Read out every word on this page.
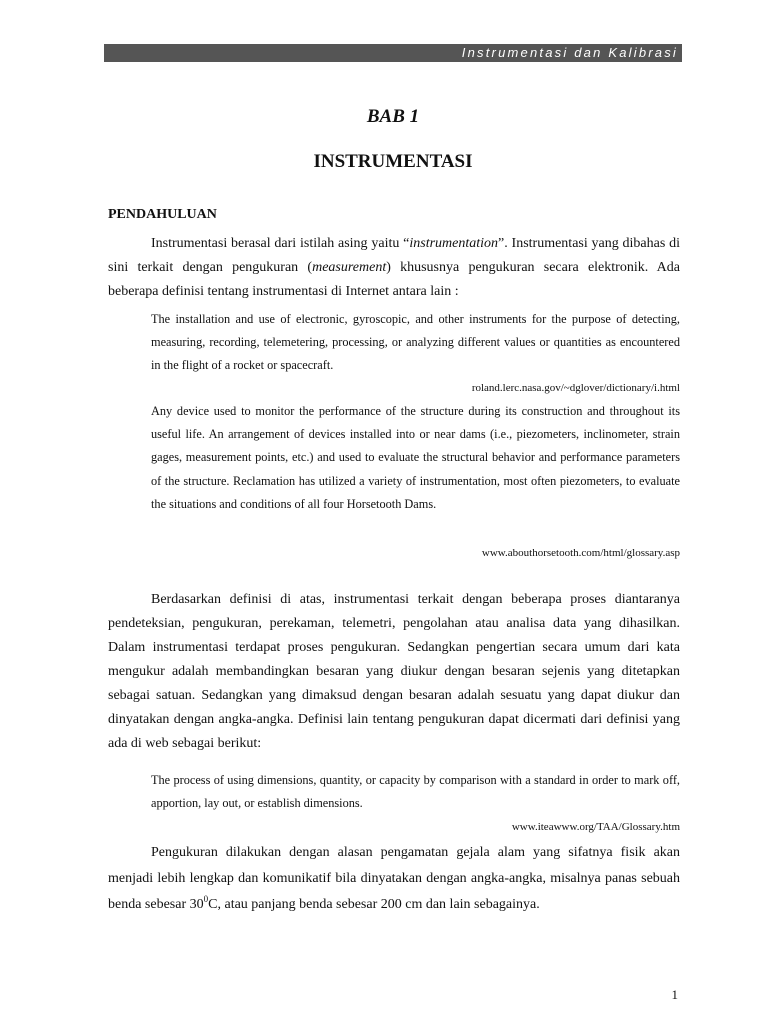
Instrumentasi dan Kalibrasi
BAB 1
INSTRUMENTASI
PENDAHULUAN

Instrumentasi berasal dari istilah asing yaitu “instrumentation”. Instrumentasi yang dibahas di sini terkait dengan pengukuran (measurement) khususnya pengukuran secara elektronik. Ada beberapa definisi tentang instrumentasi di Internet antara lain :

The installation and use of electronic, gyroscopic, and other instruments for the purpose of detecting, measuring, recording, telemetering, processing, or analyzing different values or quantities as encountered in the flight of a rocket or spacecraft.

roland.lerc.nasa.gov/~dglover/dictionary/i.html

Any device used to monitor the performance of the structure during its construction and throughout its useful life. An arrangement of devices installed into or near dams (i.e., piezometers, inclinometer, strain gages, measurement points, etc.) and used to evaluate the structural behavior and performance parameters of the structure. Reclamation has utilized a variety of instrumentation, most often piezometers, to evaluate the situations and conditions of all four Horsetooth Dams.

www.abouthorsetooth.com/html/glossary.asp

Berdasarkan definisi di atas, instrumentasi terkait dengan beberapa proses diantaranya pendeteksian, pengukuran, perekaman, telemetri, pengolahan atau analisa data yang dihasilkan. Dalam instrumentasi terdapat proses pengukuran. Sedangkan pengertian secara umum dari kata mengukur adalah membandingkan besaran yang diukur dengan besaran sejenis yang ditetapkan sebagai satuan. Sedangkan yang dimaksud dengan besaran adalah sesuatu yang dapat diukur dan dinyatakan dengan angka-angka. Definisi lain tentang pengukuran dapat dicermati dari definisi yang ada di web sebagai berikut:

The process of using dimensions, quantity, or capacity by comparison with a standard in order to mark off, apportion, lay out, or establish dimensions.

www.iteawww.org/TAA/Glossary.htm

Pengukuran dilakukan dengan alasan pengamatan gejala alam yang sifatnya fisik akan menjadi lebih lengkap dan komunikatif bila dinyatakan dengan angka-angka, misalnya panas sebuah benda sebesar $30^0C$, atau panjang benda sebesar 200 cm dan lain sebagainya.

1
